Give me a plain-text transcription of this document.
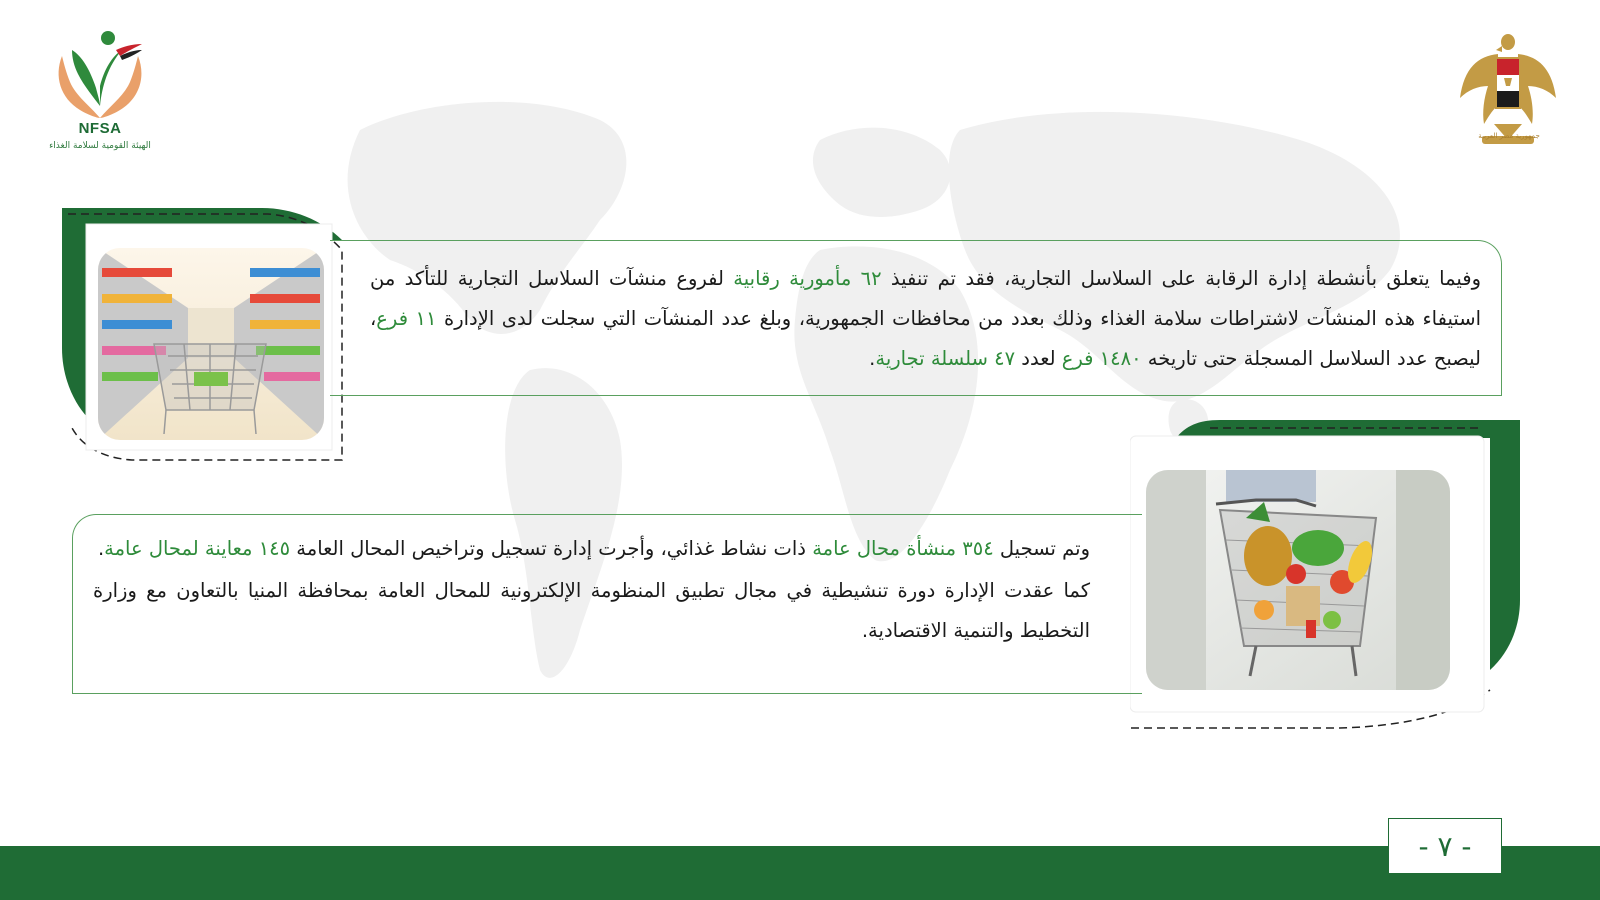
NFSA
الهيئة القومية لسلامة الغذاء
جمهورية مصر العربية

وفيما يتعلق بأنشطة إدارة الرقابة على السلاسل التجارية، فقد تم تنفيذ ٦٢ مأمورية رقابية لفروع منشآت السلاسل التجارية للتأكد من استيفاء هذه المنشآت لاشتراطات سلامة الغذاء وذلك بعدد من محافظات الجمهورية، وبلغ عدد المنشآت التي سجلت لدى الإدارة ١١ فرع، ليصبح عدد السلاسل المسجلة حتى تاريخه ١٤٨٠ فرع لعدد ٤٧ سلسلة تجارية.

وتم تسجيل ٣٥٤ منشأة محال عامة ذات نشاط غذائي، وأجرت إدارة تسجيل وتراخيص المحال العامة ١٤٥ معاينة لمحال عامة.

كما عقدت الإدارة دورة تنشيطية في مجال تطبيق المنظومة الإلكترونية للمحال العامة بمحافظة المنيا بالتعاون مع وزارة التخطيط والتنمية الاقتصادية.

- ٧ -
